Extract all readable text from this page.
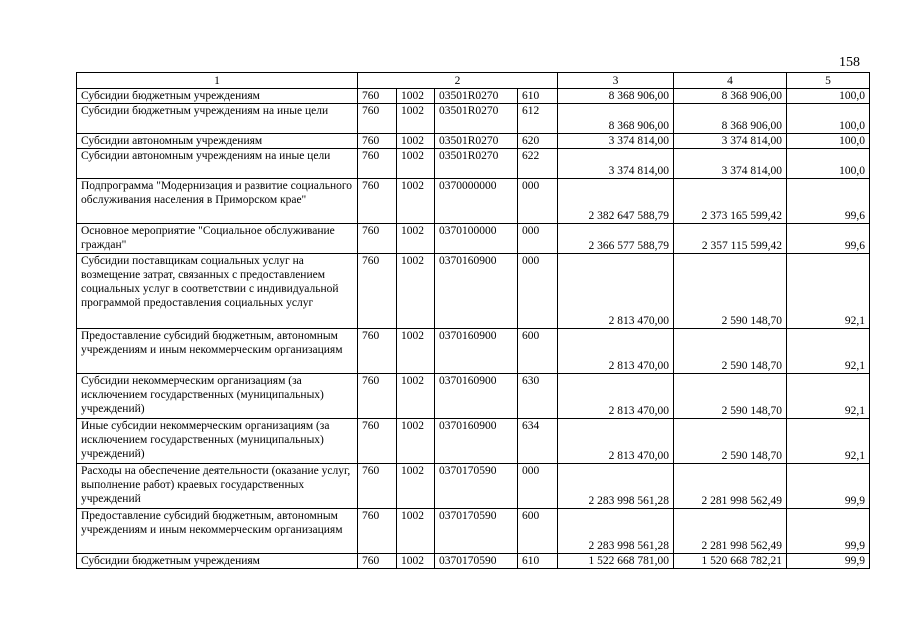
158
1	2				3	4	5
Субсидии бюджетным учреждениям	760	1002	03501R0270	610	8 368 906,00	8 368 906,00	100,0
Субсидии бюджетным учреждениям на иные цели	760	1002	03501R0270	612	8 368 906,00	8 368 906,00	100,0
Субсидии автономным учреждениям	760	1002	03501R0270	620	3 374 814,00	3 374 814,00	100,0
Субсидии автономным учреждениям на иные цели	760	1002	03501R0270	622	3 374 814,00	3 374 814,00	100,0
Подпрограмма "Модернизация и развитие социального обслуживания населения в Приморском крае"	760	1002	0370000000	000	2 382 647 588,79	2 373 165 599,42	99,6
Основное мероприятие "Социальное обслуживание граждан"	760	1002	0370100000	000	2 366 577 588,79	2 357 115 599,42	99,6
Субсидии поставщикам социальных услуг на возмещение затрат, связанных с предоставлением социальных услуг в соответствии с индивидуальной программой предоставления социальных услуг	760	1002	0370160900	000	2 813 470,00	2 590 148,70	92,1
Предоставление субсидий бюджетным, автономным учреждениям и иным некоммерческим организациям	760	1002	0370160900	600	2 813 470,00	2 590 148,70	92,1
Субсидии некоммерческим организациям (за исключением государственных (муниципальных) учреждений)	760	1002	0370160900	630	2 813 470,00	2 590 148,70	92,1
Иные субсидии некоммерческим организациям (за исключением государственных (муниципальных) учреждений)	760	1002	0370160900	634	2 813 470,00	2 590 148,70	92,1
Расходы на обеспечение деятельности (оказание услуг, выполнение работ) краевых государственных учреждений	760	1002	0370170590	000	2 283 998 561,28	2 281 998 562,49	99,9
Предоставление субсидий бюджетным, автономным учреждениям и иным некоммерческим организациям	760	1002	0370170590	600	2 283 998 561,28	2 281 998 562,49	99,9
Субсидии бюджетным учреждениям	760	1002	0370170590	610	1 522 668 781,00	1 520 668 782,21	99,9
